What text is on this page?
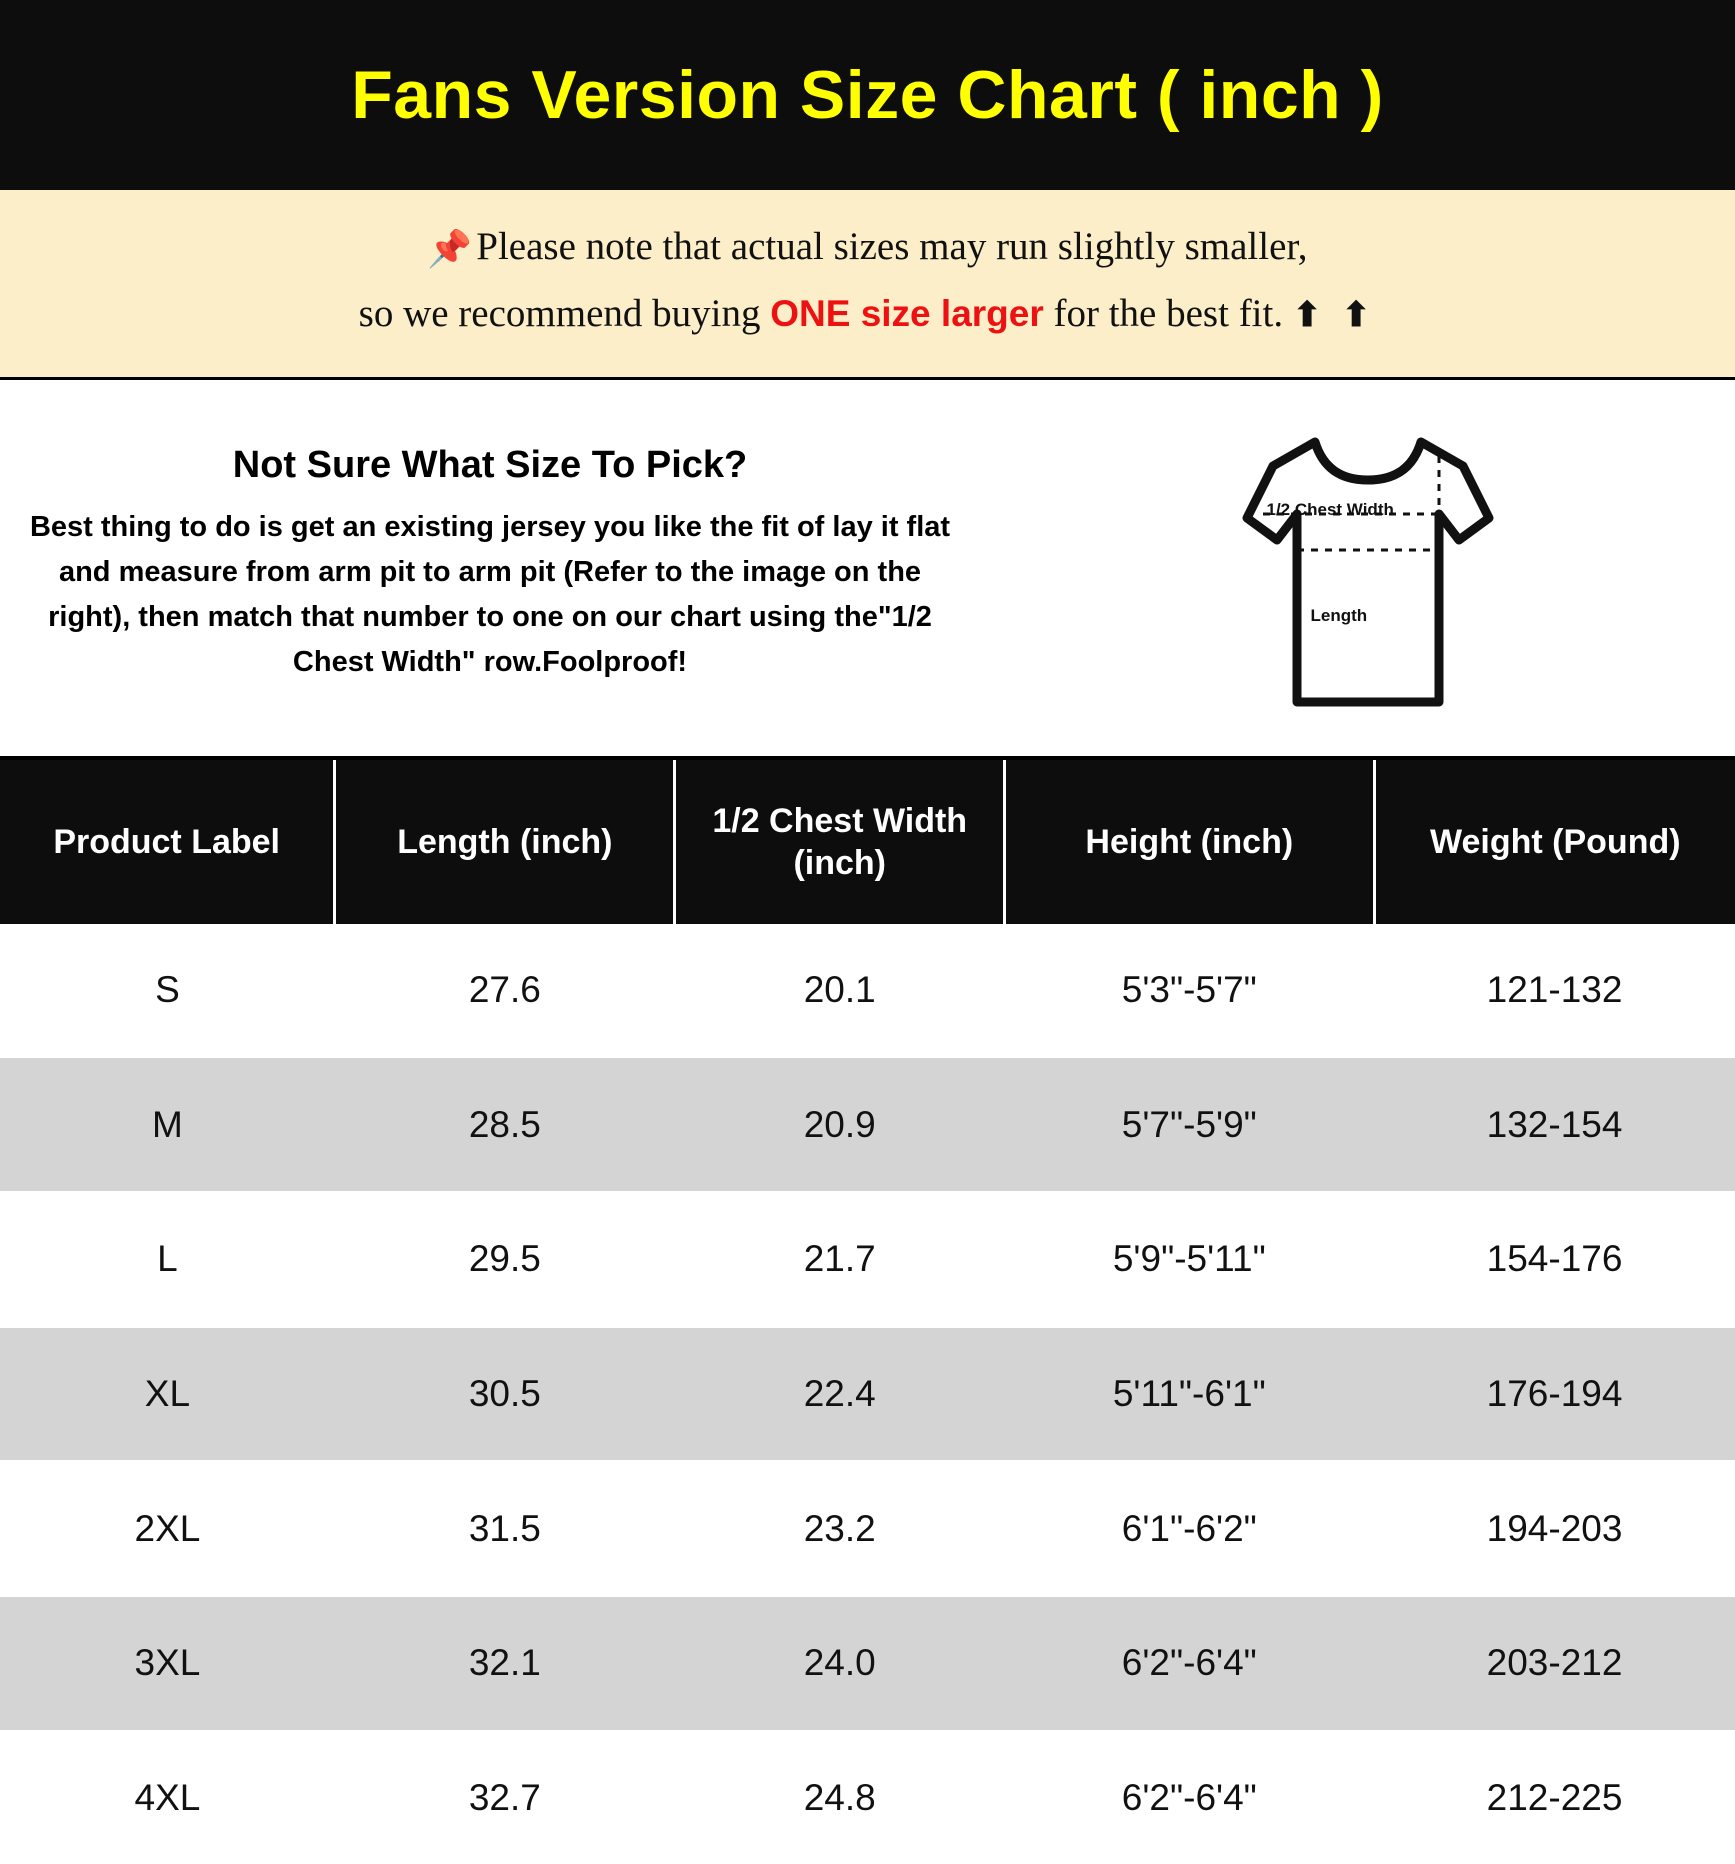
Fans Version Size Chart ( inch )
📌 Please note that actual sizes may run slightly smaller,
so we recommend buying ONE size larger for the best fit. ⬆ ⬆
Not Sure What Size To Pick?
Best thing to do is get an existing jersey you like the fit of lay it flat and measure from arm pit to arm pit (Refer to the image on the right), then match that number to one on our chart using the"1/2 Chest Width" row.Foolproof!
1/2 Chest Width
Length
Product Label	Length (inch)	1/2 Chest Width (inch)	Height (inch)	Weight (Pound)
S	27.6	20.1	5'3"-5'7"	121-132
M	28.5	20.9	5'7"-5'9"	132-154
L	29.5	21.7	5'9"-5'11"	154-176
XL	30.5	22.4	5'11"-6'1"	176-194
2XL	31.5	23.2	6'1"-6'2"	194-203
3XL	32.1	24.0	6'2"-6'4"	203-212
4XL	32.7	24.8	6'2"-6'4"	212-225
